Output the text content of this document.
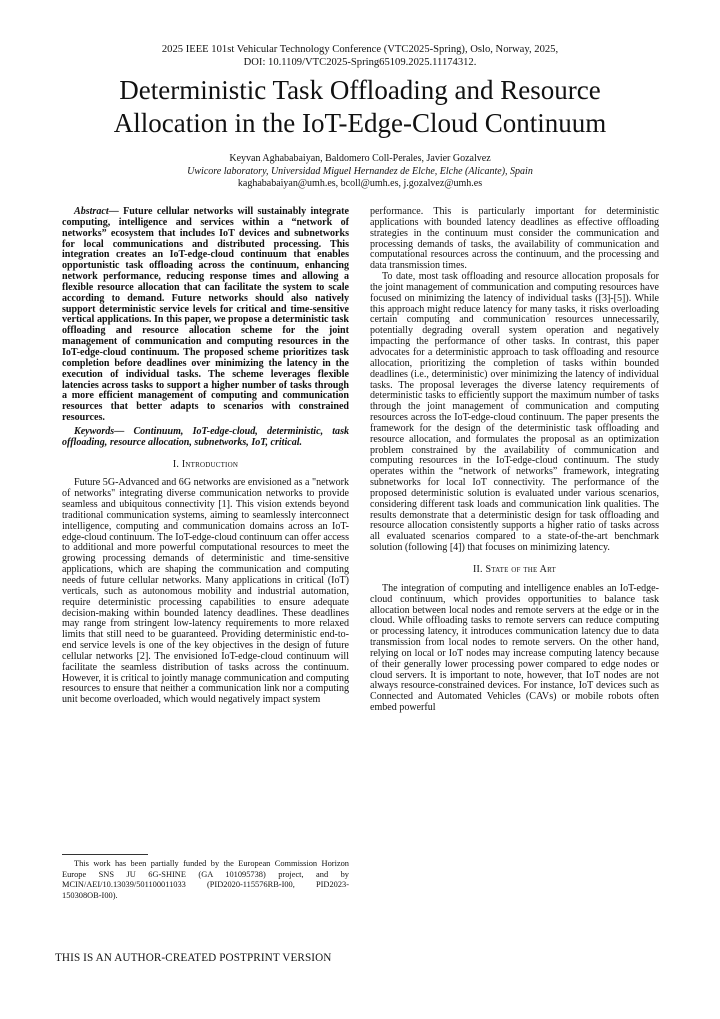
2025 IEEE 101st Vehicular Technology Conference (VTC2025-Spring), Oslo, Norway, 2025,
DOI: 10.1109/VTC2025-Spring65109.2025.11174312.
Deterministic Task Offloading and Resource
Allocation in the IoT-Edge-Cloud Continuum
Keyvan Aghababaiyan, Baldomero Coll-Perales, Javier Gozalvez
Uwicore laboratory, Universidad Miguel Hernandez de Elche, Elche (Alicante), Spain
kaghababaiyan@umh.es, bcoll@umh.es, j.gozalvez@umh.es

Abstract— Future cellular networks will sustainably integrate computing, intelligence and services within a “network of networks” ecosystem that includes IoT devices and subnetworks for local communications and distributed processing. This integration creates an IoT-edge-cloud continuum that enables opportunistic task offloading across the continuum, enhancing network performance, reducing response times and allowing a flexible resource allocation that can facilitate the system to scale according to demand. Future networks should also natively support deterministic service levels for critical and time-sensitive vertical applications. In this paper, we propose a deterministic task offloading and resource allocation scheme for the joint management of communication and computing resources in the IoT-edge-cloud continuum. The proposed scheme prioritizes task completion before deadlines over minimizing the latency in the execution of individual tasks. The scheme leverages flexible latencies across tasks to support a higher number of tasks through a more efficient management of computing and communication resources that better adapts to scenarios with constrained resources.

Keywords— Continuum, IoT-edge-cloud, deterministic, task offloading, resource allocation, subnetworks, IoT, critical.

I. Introduction

Future 5G-Advanced and 6G networks are envisioned as a "network of networks" integrating diverse communication networks to provide seamless and ubiquitous connectivity [1]. This vision extends beyond traditional communication systems, aiming to seamlessly interconnect intelligence, computing and communication domains across an IoT-edge-cloud continuum. The IoT-edge-cloud continuum can offer access to additional and more powerful computational resources to meet the growing processing demands of deterministic and time-sensitive applications, which are shaping the communication and computing needs of future cellular networks. Many applications in critical (IoT) verticals, such as autonomous mobility and industrial automation, require deterministic processing capabilities to ensure adequate decision-making within bounded latency deadlines. These deadlines may range from stringent low-latency requirements to more relaxed limits that still need to be guaranteed. Providing deterministic end-to-end service levels is one of the key objectives in the design of future cellular networks [2]. The envisioned IoT-edge-cloud continuum will facilitate the seamless distribution of tasks across the continuum. However, it is critical to jointly manage communication and computing resources to ensure that neither a communication link nor a computing unit become overloaded, which would negatively impact system

This work has been partially funded by the European Commission Horizon Europe SNS JU 6G-SHINE (GA 101095738) project, and by MCIN/AEI/10.13039/501100011033 (PID2020-115576RB-I00, PID2023-150308OB-I00).

performance. This is particularly important for deterministic applications with bounded latency deadlines as effective offloading strategies in the continuum must consider the communication and processing demands of tasks, the availability of communication and computational resources across the continuum, and the processing and data transmission times.

To date, most task offloading and resource allocation proposals for the joint management of communication and computing resources have focused on minimizing the latency of individual tasks ([3]-[5]). While this approach might reduce latency for many tasks, it risks overloading certain computing and communication resources unnecessarily, potentially degrading overall system operation and negatively impacting the performance of other tasks. In contrast, this paper advocates for a deterministic approach to task offloading and resource allocation, prioritizing the completion of tasks within bounded deadlines (i.e., deterministic) over minimizing the latency of individual tasks. The proposal leverages the diverse latency requirements of deterministic tasks to efficiently support the maximum number of tasks through the joint management of communication and computing resources across the IoT-edge-cloud continuum. The paper presents the framework for the design of the deterministic task offloading and resource allocation, and formulates the proposal as an optimization problem constrained by the availability of communication and computing resources in the IoT-edge-cloud continuum. The study operates within the “network of networks” framework, integrating subnetworks for local IoT connectivity. The performance of the proposed deterministic solution is evaluated under various scenarios, considering different task loads and communication link qualities. The results demonstrate that a deterministic design for task offloading and resource allocation consistently supports a higher ratio of tasks across all evaluated scenarios compared to a state-of-the-art benchmark solution (following [4]) that focuses on minimizing latency.

II. State of the Art

The integration of computing and intelligence enables an IoT-edge-cloud continuum, which provides opportunities to balance task allocation between local nodes and remote servers at the edge or in the cloud. While offloading tasks to remote servers can reduce computing or processing latency, it introduces communication latency due to data transmission from local nodes to remote servers. On the other hand, relying on local or IoT nodes may increase computing latency because of their generally lower processing power compared to edge nodes or cloud servers. It is important to note, however, that IoT nodes are not always resource-constrained devices. For instance, IoT devices such as Connected and Automated Vehicles (CAVs) or mobile robots often embed powerful

THIS IS AN AUTHOR-CREATED POSTPRINT VERSION
